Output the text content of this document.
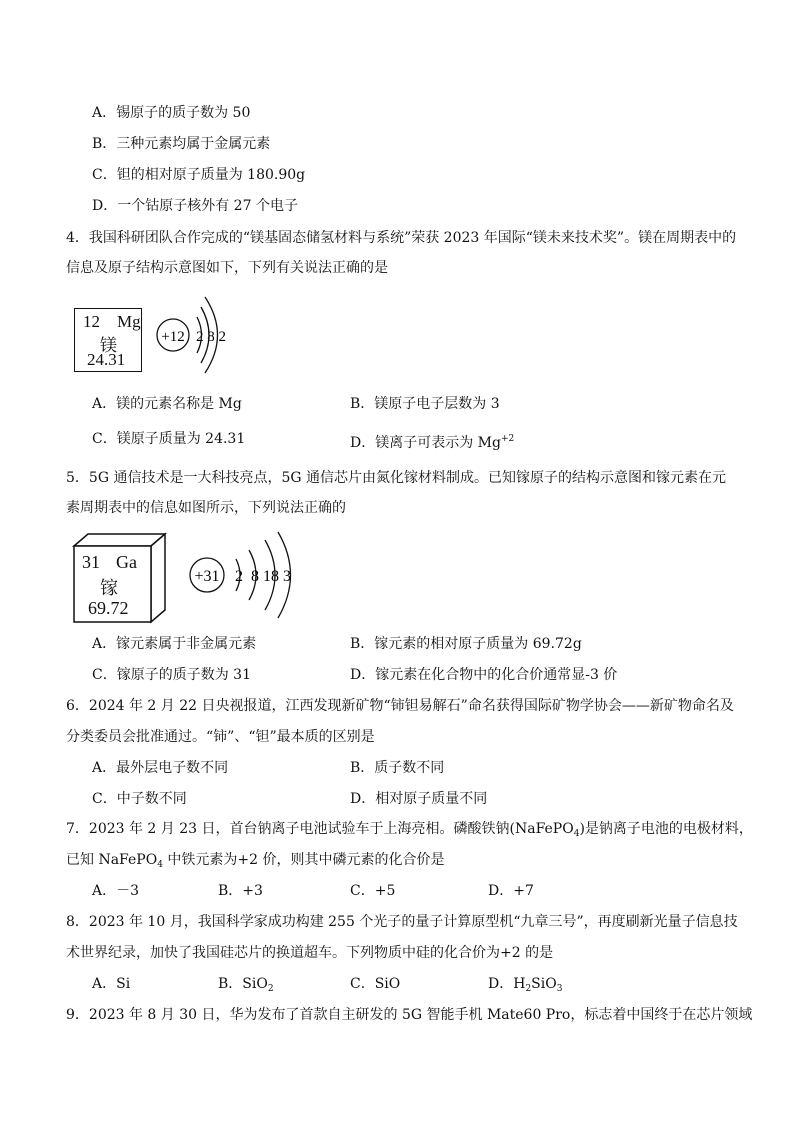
A．锡原子的质子数为 50
B．三种元素均属于金属元素
C．钽的相对原子质量为 180.90g
D．一个钴原子核外有 27 个电子
4．我国科研团队合作完成的“镁基固态储氢材料与系统”荣获 2023 年国际“镁未来技术奖”。镁在周期表中的
信息及原子结构示意图如下，下列有关说法正确的是
12 Mg
镁
24.31
+12 2 8 2
A．镁的元素名称是 Mg	B．镁原子电子层数为 3
C．镁原子质量为 24.31	D．镁离子可表示为 $Mg^{+2}$
5．5G 通信技术是一大科技亮点，5G 通信芯片由氮化镓材料制成。已知镓原子的结构示意图和镓元素在元
素周期表中的信息如图所示，下列说法正确的
31 Ga
镓
69.72
+31 2  8 18 3
A．镓元素属于非金属元素	B．镓元素的相对原子质量为 69.72g
C．镓原子的质子数为 31	D．镓元素在化合物中的化合价通常显-3 价
6．2024 年 2 月 22 日央视报道，江西发现新矿物“铈钽易解石”命名获得国际矿物学协会——新矿物命名及
分类委员会批准通过。“铈”、“钽”最本质的区别是
A．最外层电子数不同	B．质子数不同
C．中子数不同	D．相对原子质量不同
7．2023 年 2 月 23 日，首台钠离子电池试验车于上海亮相。磷酸铁钠(NaFePO$_4$)是钠离子电池的电极材料，
已知 NaFePO$_4$ 中铁元素为+2 价，则其中磷元素的化合价是
A．－3	B．+3	C．+5	D．+7
8．2023 年 10 月，我国科学家成功构建 255 个光子的量子计算原型机“九章三号”，再度刷新光量子信息技
术世界纪录，加快了我国硅芯片的换道超车。下列物质中硅的化合价为+2 的是
A．Si	B．SiO$_2$	C．SiO	D．$H_2SiO_3$
9．2023 年 8 月 30 日，华为发布了首款自主研发的 5G 智能手机 Mate60 Pro，标志着中国终于在芯片领域
